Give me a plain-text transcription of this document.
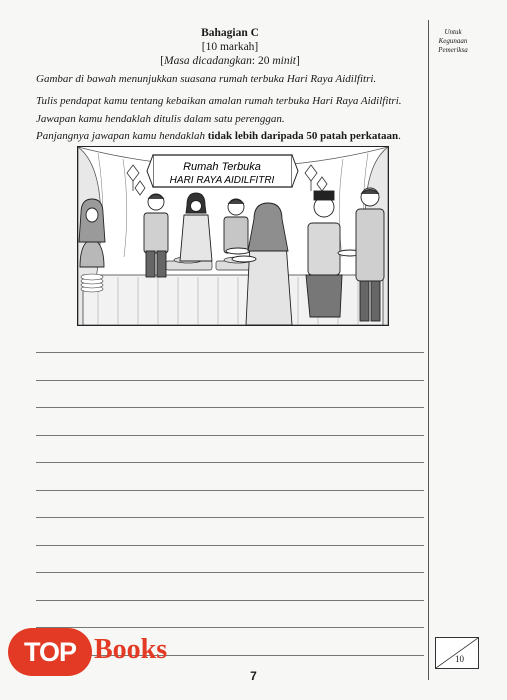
Bahagian C
[10 markah]
[Masa dicadangkan: 20 minit]
Untuk
Kegunaan
Pemeriksa
Gambar di bawah menunjukkan suasana rumah terbuka Hari Raya Aidilfitri.
Tulis pendapat kamu tentang kebaikan amalan rumah terbuka Hari Raya Aidilfitri.
Jawapan kamu hendaklah ditulis dalam satu perenggan.
Panjangnya jawapan kamu hendaklah tidak lebih daripada 50 patah perkataan.
Rumah Terbuka
HARI RAYA AIDILFITRI
10
7
TOP Books
